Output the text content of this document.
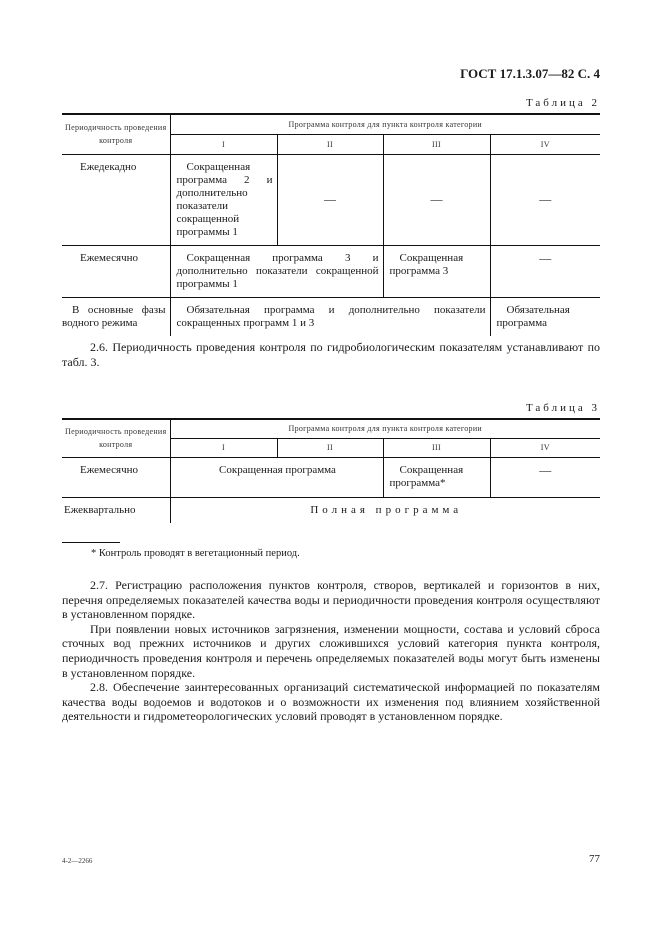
ГОСТ 17.1.3.07—82 С. 4
Таблица 2
Периодичность проведения контроля	Программа контроля для пункта контроля категории			
	I	II	III	IV
Ежедекадно	Сокращенная программа 2 и дополнительно показатели сокращенной программы 1	—	—	—
Ежемесячно	Сокращенная программа 3 и дополнительно показатели сокращенной программы 1		Сокращенная программа 3	—
В основные фазы водного режима	Обязательная программа и дополнительно показатели сокращенных программ 1 и 3			Обязательная программа

2.6. Периодичность проведения контроля по гидробиологическим показателям устанавливают по табл. 3.

Таблица 3
Периодичность проведения контроля	Программа контроля для пункта контроля категории			
	I	II	III	IV
Ежемесячно	Сокращенная программа		Сокращенная программа*	—
Ежеквартально	Полная программа			
* Контроль проводят в вегетационный период.

2.7. Регистрацию расположения пунктов контроля, створов, вертикалей и горизонтов в них, перечня определяемых показателей качества воды и периодичности проведения контроля осуществляют в установленном порядке.

При появлении новых источников загрязнения, изменении мощности, состава и условий сброса сточных вод прежних источников и других сложившихся условий категория пункта контроля, периодичность проведения контроля и перечень определяемых показателей воды могут быть изменены в установленном порядке.

2.8. Обеспечение заинтересованных организаций систематической информацией по показателям качества воды водоемов и водотоков и о возможности их изменения под влиянием хозяйственной деятельности и гидрометеорологических условий проводят в установленном порядке.

4-2—2266	77
